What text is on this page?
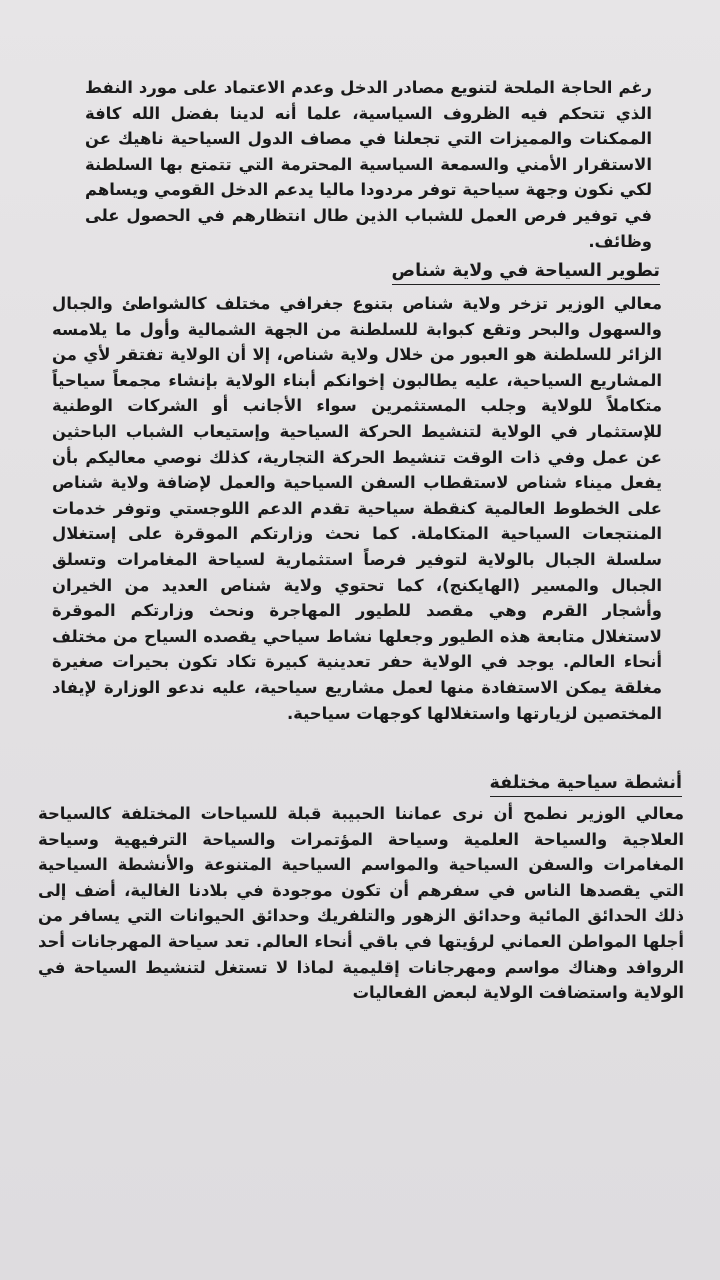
رغم الحاجة الملحة لتنويع مصادر الدخل وعدم الاعتماد على مورد النفط الذي تتحكم فيه الظروف السياسية، علما أنه لدينا بفضل الله كافة الممكنات والمميزات التي تجعلنا في مصاف الدول السياحية ناهيك عن الاستقرار الأمني والسمعة السياسية المحترمة التي تتمتع بها السلطنة لكي نكون وجهة سياحية توفر مردودا ماليا يدعم الدخل القومي ويساهم في توفير فرص العمل للشباب الذين طال انتظارهم في الحصول على وظائف.

تطوير السياحة في ولاية شناص

معالي الوزير تزخر ولاية شناص بتنوع جغرافي مختلف كالشواطئ والجبال والسهول والبحر وتقع كبوابة للسلطنة من الجهة الشمالية وأول ما يلامسه الزائر للسلطنة هو العبور من خلال ولاية شناص، إلا أن الولاية تفتقر لأي من المشاريع السياحية، عليه يطالبون إخوانكم أبناء الولاية بإنشاء مجمعاً سياحياً متكاملاً للولاية وجلب المستثمرين سواء الأجانب أو الشركات الوطنية للإستثمار في الولاية لتنشيط الحركة السياحية وإستيعاب الشباب الباحثين عن عمل وفي ذات الوقت تنشيط الحركة التجارية، كذلك نوصي معاليكم بأن يفعل ميناء شناص لاستقطاب السفن السياحية والعمل لإضافة ولاية شناص على الخطوط العالمية كنقطة سياحية تقدم الدعم اللوجستي وتوفر خدمات المنتجعات السياحية المتكاملة. كما نحث وزارتكم الموقرة على إستغلال سلسلة الجبال بالولاية لتوفير فرصاً استثمارية لسياحة المغامرات وتسلق الجبال والمسير (الهايكنج)، كما تحتوي ولاية شناص العديد من الخيران وأشجار القرم وهي مقصد للطيور المهاجرة ونحث وزارتكم الموقرة لاستغلال متابعة هذه الطيور وجعلها نشاط سياحي يقصده السياح من مختلف أنحاء العالم. يوجد في الولاية حفر تعدينية كبيرة تكاد تكون بحيرات صغيرة مغلقة يمكن الاستفادة منها لعمل مشاريع سياحية، عليه ندعو الوزارة لإيفاد المختصين لزيارتها واستغلالها كوجهات سياحية.

أنشطة سياحية مختلفة

معالي الوزير نطمح أن نرى عماننا الحبيبة قبلة للسياحات المختلفة كالسياحة العلاجية والسياحة العلمية وسياحة المؤتمرات والسياحة الترفيهية وسياحة المغامرات والسفن السياحية والمواسم السياحية المتنوعة والأنشطة السياحية التي يقصدها الناس في سفرهم أن تكون موجودة في بلادنا الغالية، أضف إلى ذلك الحدائق المائية وحدائق الزهور والتلفريك وحدائق الحيوانات التي يسافر من أجلها المواطن العماني لرؤيتها في باقي أنحاء العالم. تعد سياحة المهرجانات أحد الروافد وهناك مواسم ومهرجانات إقليمية لماذا لا تستغل لتنشيط السياحة في الولاية واستضافت الولاية لبعض الفعاليات
